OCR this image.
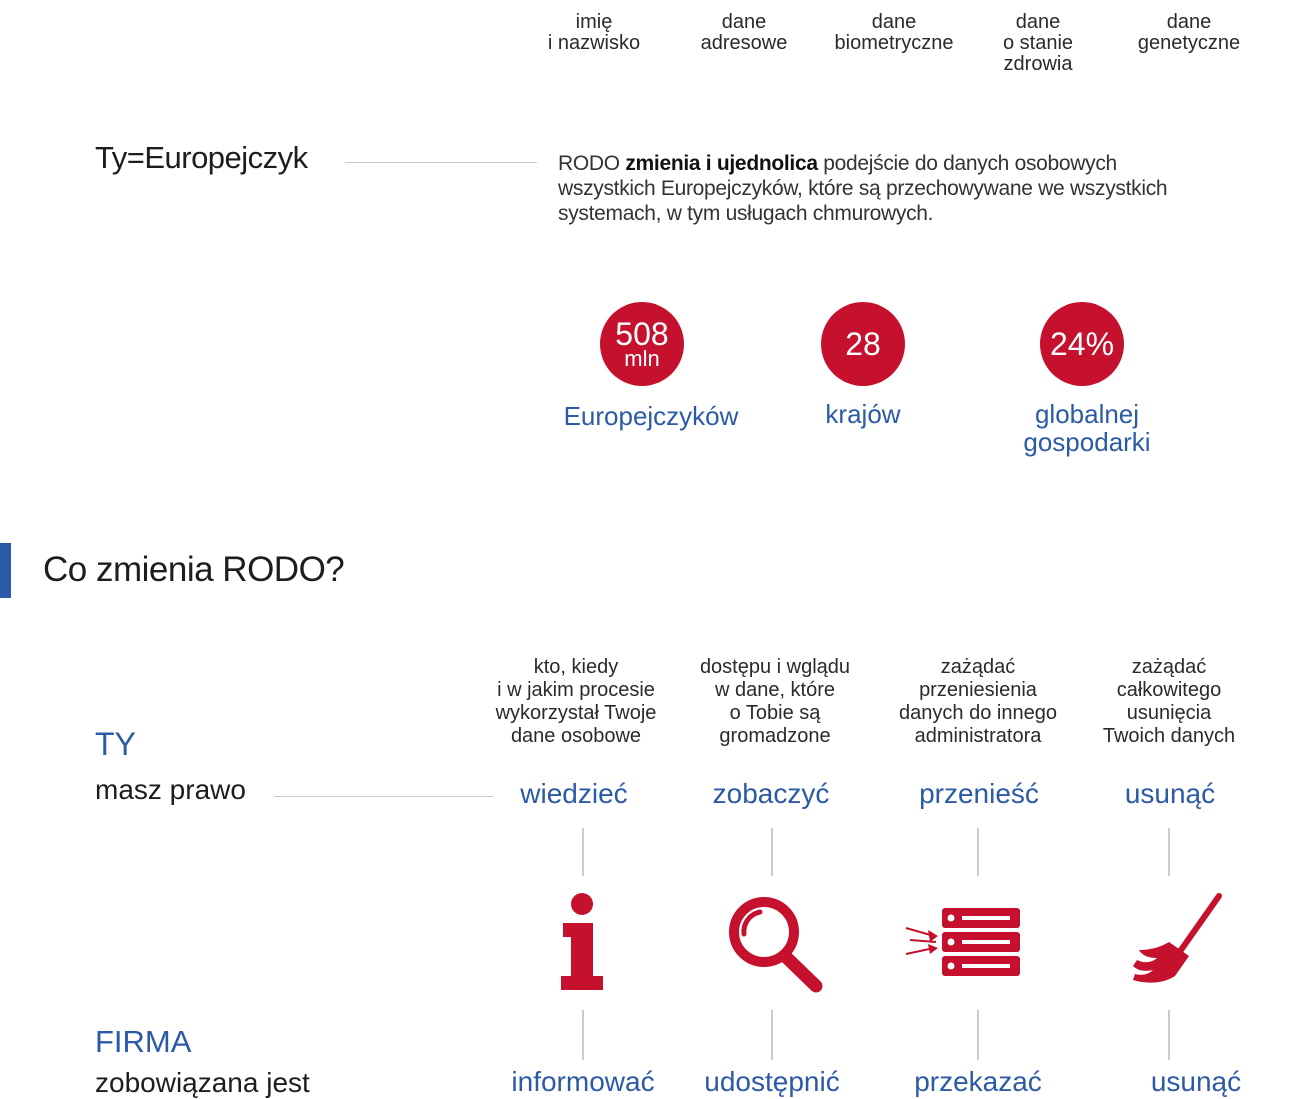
imię
i nazwisko
dane
adresowe
dane
biometryczne
dane
o stanie
zdrowia
dane
genetyczne
Ty=Europejczyk	RODO zmienia i ujednolica podejście do danych osobowych wszystkich Europejczyków, które są przechowywane we wszystkich systemach, w tym usługach chmurowych.
508
mln
Europejczyków
28
krajów
24%
globalnej
gospodarki
Co zmienia RODO?
TY
masz prawo
kto, kiedy
i w jakim procesie
wykorzystał Twoje
dane osobowe
wiedzieć
dostępu i wglądu
w dane, które
o Tobie są
gromadzone
zobaczyć
zażądać
przeniesienia
danych do innego
administratora
przenieść
zażądać
całkowitego
usunięcia
Twoich danych
usunąć
FIRMA
zobowiązana jest	informować	udostępnić	przekazać	usunąć
